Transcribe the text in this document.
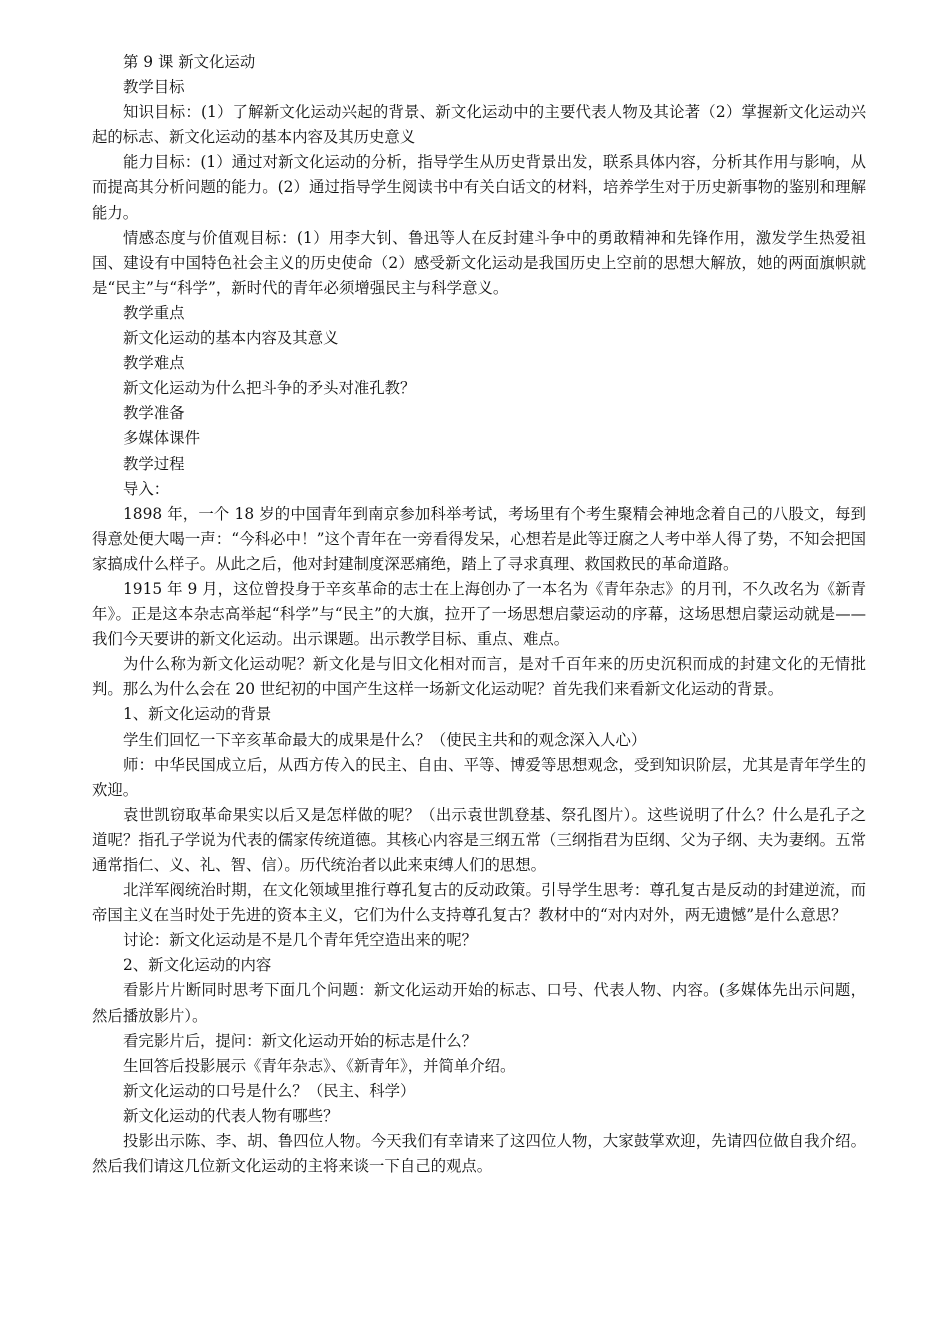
第 9 课 新文化运动

教学目标

知识目标：(1）了解新文化运动兴起的背景、新文化运动中的主要代表人物及其论著（2）掌握新文化运动兴起的标志、新文化运动的基本内容及其历史意义

能力目标：(1）通过对新文化运动的分析，指导学生从历史背景出发，联系具体内容，分析其作用与影响，从而提高其分析问题的能力。(2）通过指导学生阅读书中有关白话文的材料，培养学生对于历史新事物的鉴别和理解能力。

情感态度与价值观目标：(1）用李大钊、鲁迅等人在反封建斗争中的勇敢精神和先锋作用，激发学生热爱祖国、建设有中国特色社会主义的历史使命（2）感受新文化运动是我国历史上空前的思想大解放，她的两面旗帜就是“民主”与“科学”，新时代的青年必须增强民主与科学意义。

教学重点

新文化运动的基本内容及其意义

教学难点

新文化运动为什么把斗争的矛头对准孔教？

教学准备

多媒体课件

教学过程

导入：

1898 年，一个 18 岁的中国青年到南京参加科举考试，考场里有个考生聚精会神地念着自己的八股文，每到得意处便大喝一声：“今科必中！”这个青年在一旁看得发呆，心想若是此等迂腐之人考中举人得了势，不知会把国家搞成什么样子。从此之后，他对封建制度深恶痛绝，踏上了寻求真理、救国救民的革命道路。

1915 年 9 月，这位曾投身于辛亥革命的志士在上海创办了一本名为《青年杂志》的月刊，不久改名为《新青年》。正是这本杂志高举起“科学”与“民主”的大旗，拉开了一场思想启蒙运动的序幕，这场思想启蒙运动就是——我们今天要讲的新文化运动。出示课题。出示教学目标、重点、难点。

为什么称为新文化运动呢？新文化是与旧文化相对而言，是对千百年来的历史沉积而成的封建文化的无情批判。那么为什么会在 20 世纪初的中国产生这样一场新文化运动呢？首先我们来看新文化运动的背景。

1、新文化运动的背景

学生们回忆一下辛亥革命最大的成果是什么？（使民主共和的观念深入人心）

师：中华民国成立后，从西方传入的民主、自由、平等、博爱等思想观念，受到知识阶层，尤其是青年学生的欢迎。

袁世凯窃取革命果实以后又是怎样做的呢？（出示袁世凯登基、祭孔图片）。这些说明了什么？什么是孔子之道呢？指孔子学说为代表的儒家传统道德。其核心内容是三纲五常（三纲指君为臣纲、父为子纲、夫为妻纲。五常通常指仁、义、礼、智、信）。历代统治者以此来束缚人们的思想。

北洋军阀统治时期，在文化领域里推行尊孔复古的反动政策。引导学生思考：尊孔复古是反动的封建逆流，而帝国主义在当时处于先进的资本主义，它们为什么支持尊孔复古？教材中的“对内对外，两无遗憾”是什么意思？

讨论：新文化运动是不是几个青年凭空造出来的呢？

2、新文化运动的内容

看影片片断同时思考下面几个问题：新文化运动开始的标志、口号、代表人物、内容。(多媒体先出示问题，然后播放影片）。

看完影片后，提问：新文化运动开始的标志是什么？

生回答后投影展示《青年杂志》、《新青年》，并简单介绍。

新文化运动的口号是什么？（民主、科学）

新文化运动的代表人物有哪些？

投影出示陈、李、胡、鲁四位人物。今天我们有幸请来了这四位人物，大家鼓掌欢迎，先请四位做自我介绍。然后我们请这几位新文化运动的主将来谈一下自己的观点。
